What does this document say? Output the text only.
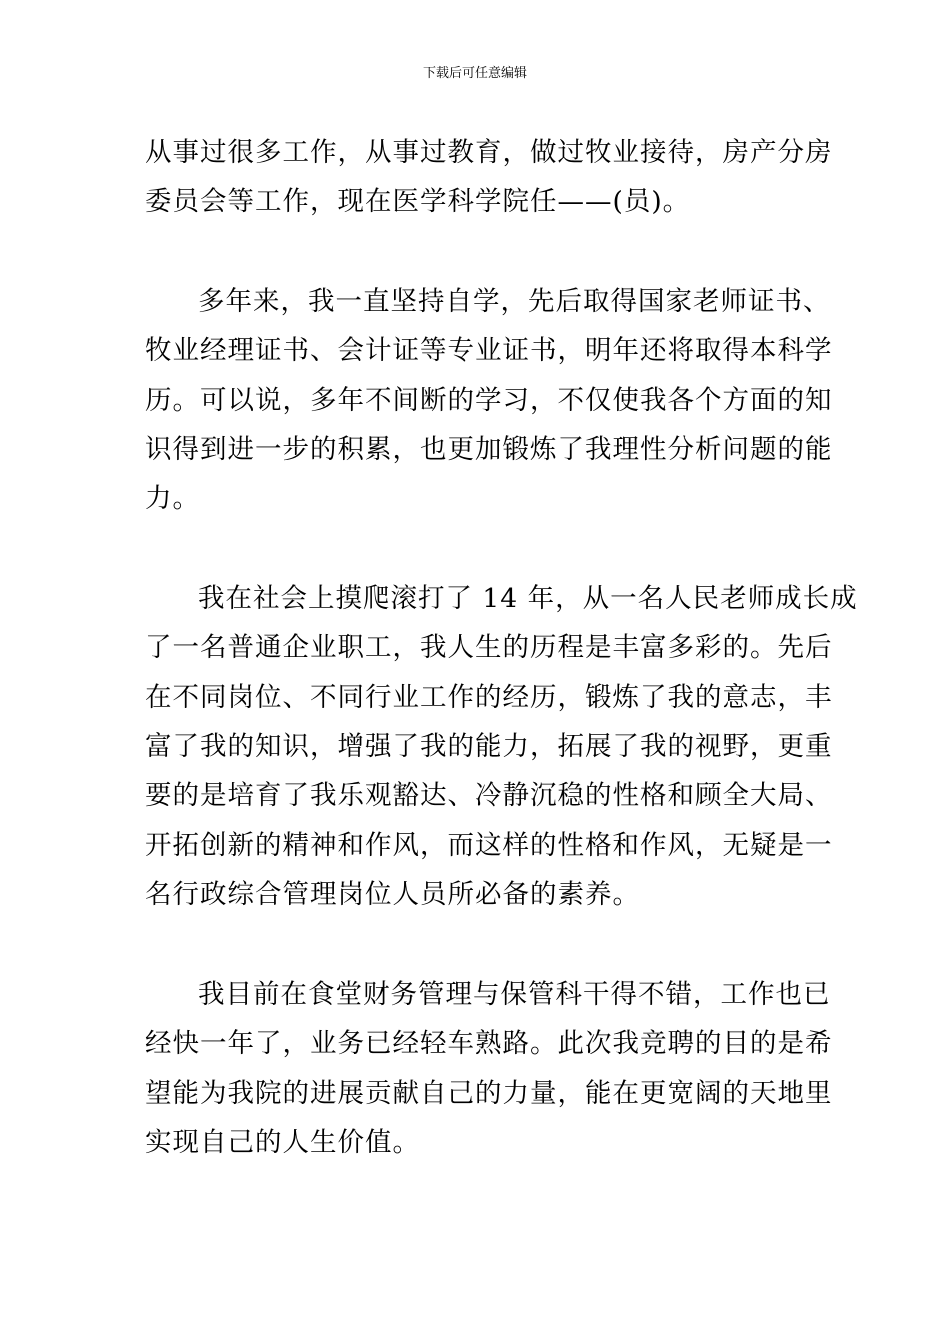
下载后可任意编辑

从事过很多工作，从事过教育，做过牧业接待，房产分房
委员会等工作，现在医学科学院任——(员)。

多年来，我一直坚持自学，先后取得国家老师证书、
牧业经理证书、会计证等专业证书，明年还将取得本科学
历。可以说，多年不间断的学习，不仅使我各个方面的知
识得到进一步的积累，也更加锻炼了我理性分析问题的能
力。

我在社会上摸爬滚打了 14 年，从一名人民老师成长成
了一名普通企业职工，我人生的历程是丰富多彩的。先后
在不同岗位、不同行业工作的经历，锻炼了我的意志，丰
富了我的知识，增强了我的能力，拓展了我的视野，更重
要的是培育了我乐观豁达、冷静沉稳的性格和顾全大局、
开拓创新的精神和作风，而这样的性格和作风，无疑是一
名行政综合管理岗位人员所必备的素养。

我目前在食堂财务管理与保管科干得不错，工作也已
经快一年了，业务已经轻车熟路。此次我竞聘的目的是希
望能为我院的进展贡献自己的力量，能在更宽阔的天地里
实现自己的人生价值。
